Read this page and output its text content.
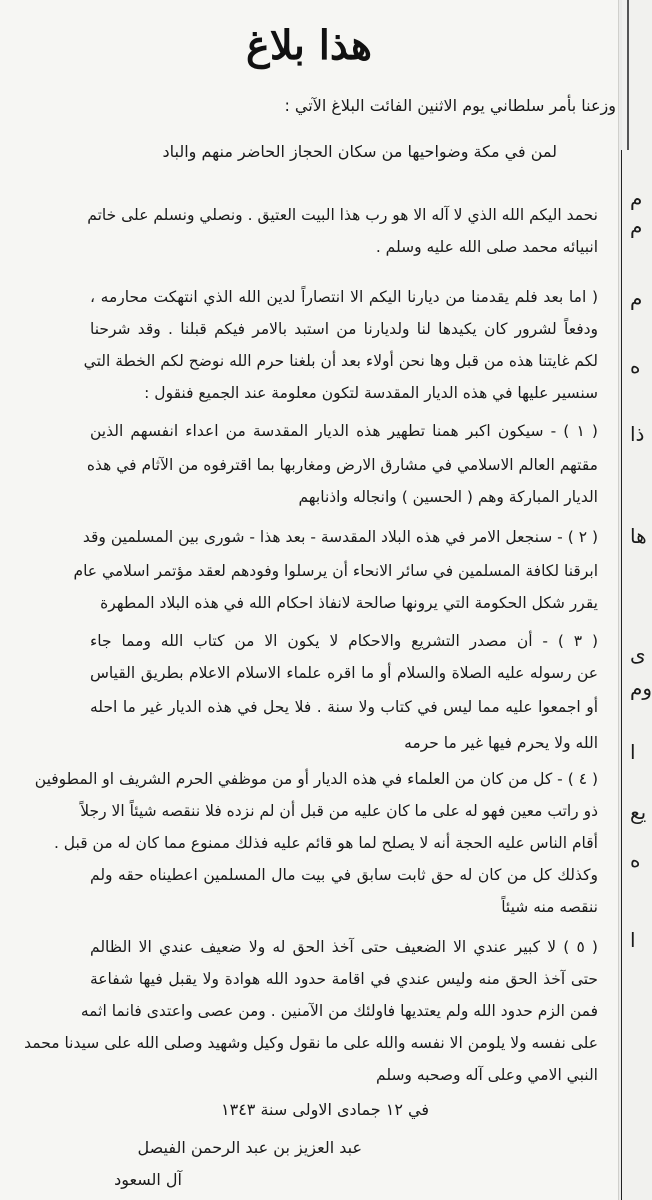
هذا بلاغ
وزعنا بأمر سلطاني يوم الاثنين الفائت البلاغ الآتي :
لمن في مكة وضواحيها من سكان الحجاز الحاضر منهم والباد
نحمد اليكم الله الذي لا آله الا هو رب هذا البيت العتيق . ونصلي ونسلم على خاتم
انبيائه محمد صلى الله عليه وسلم .
( اما بعد فلم يقدمنا من ديارنا اليكم الا انتصاراً لدين الله الذي انتهكت محارمه ،
ودفعاً لشرور كان يكيدها لنا ولديارنا من استبد بالامر فيكم قبلنا . وقد شرحنا
لكم غايتنا هذه من قبل وها نحن أولاء بعد أن بلغنا حرم الله نوضح لكم الخطة التي
سنسير عليها في هذه الديار المقدسة لتكون معلومة عند الجميع فنقول :
( ١ ) - سيكون اكبر همنا تطهير هذه الديار المقدسة من اعداء انفسهم الذين
مقتهم العالم الاسلامي في مشارق الارض ومغاربها بما اقترفوه من الآثام في هذه
الديار المباركة وهم ( الحسين ) وانجاله واذنابهم
( ٢ ) - سنجعل الامر في هذه البلاد المقدسة - بعد هذا - شورى بين المسلمين وقد
ابرقنا لكافة المسلمين في سائر الانحاء أن يرسلوا وفودهم لعقد مؤتمر اسلامي عام
يقرر شكل الحكومة التي يرونها صالحة لانفاذ احكام الله في هذه البلاد المطهرة
( ٣ ) - أن مصدر التشريع والاحكام لا يكون الا من كتاب الله ومما جاء
عن رسوله عليه الصلاة والسلام أو ما اقره علماء الاسلام الاعلام بطريق القياس
أو اجمعوا عليه مما ليس في كتاب ولا سنة . فلا يحل في هذه الديار غير ما احله
الله ولا يحرم فيها غير ما حرمه
( ٤ ) - كل من كان من العلماء في هذه الديار أو من موظفي الحرم الشريف او المطوفين
ذو راتب معين فهو له على ما كان عليه من قبل أن لم نزده فلا ننقصه شيئاً الا رجلاً
أقام الناس عليه الحجة أنه لا يصلح لما هو قائم عليه فذلك ممنوع مما كان له من قبل .
وكذلك كل من كان له حق ثابت سابق في بيت مال المسلمين اعطيناه حقه ولم
ننقصه منه شيئاً
( ٥ ) لا كبير عندي الا الضعيف حتى آخذ الحق له ولا ضعيف عندي الا الظالم
حتى آخذ الحق منه وليس عندي في اقامة حدود الله هوادة ولا يقبل فيها شفاعة
فمن الزم حدود الله ولم يعتديها فاولئك من الآمنين . ومن عصى واعتدى فانما اثمه
على نفسه ولا يلومن الا نفسه والله على ما نقول وكيل وشهيد وصلى الله على سيدنا محمد
النبي الامي وعلى آله وصحبه وسلم
في ١٢ جمادى الاولى سنة ١٣٤٣
عبد العزيز بن عبد الرحمن الفيصل
آل السعود
م
م
م
ه
ذا
ها
ى
وم
ا
يع
ه
ا
